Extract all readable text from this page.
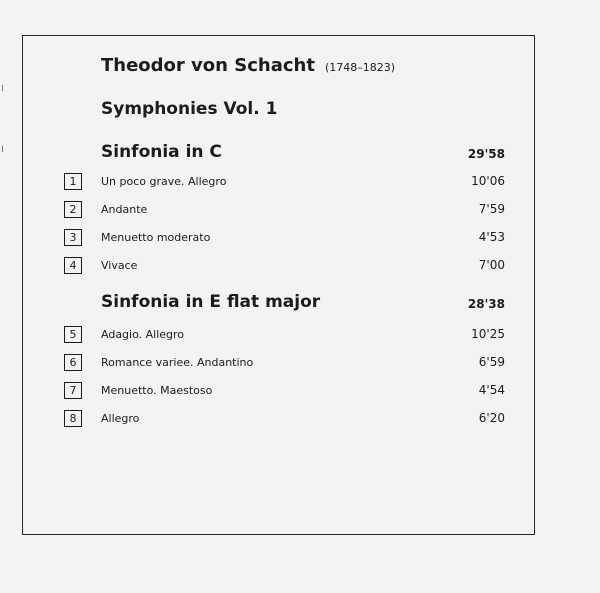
Theodor von Schacht (1748–1823)
Symphonies Vol. 1
Sinfonia in C	29'58
1	Un poco grave. Allegro	10'06
2	Andante	7'59
3	Menuetto moderato	4'53
4	Vivace	7'00
Sinfonia in E flat major	28'38
5	Adagio. Allegro	10'25
6	Romance variee. Andantino	6'59
7	Menuetto. Maestoso	4'54
8	Allegro	6'20
